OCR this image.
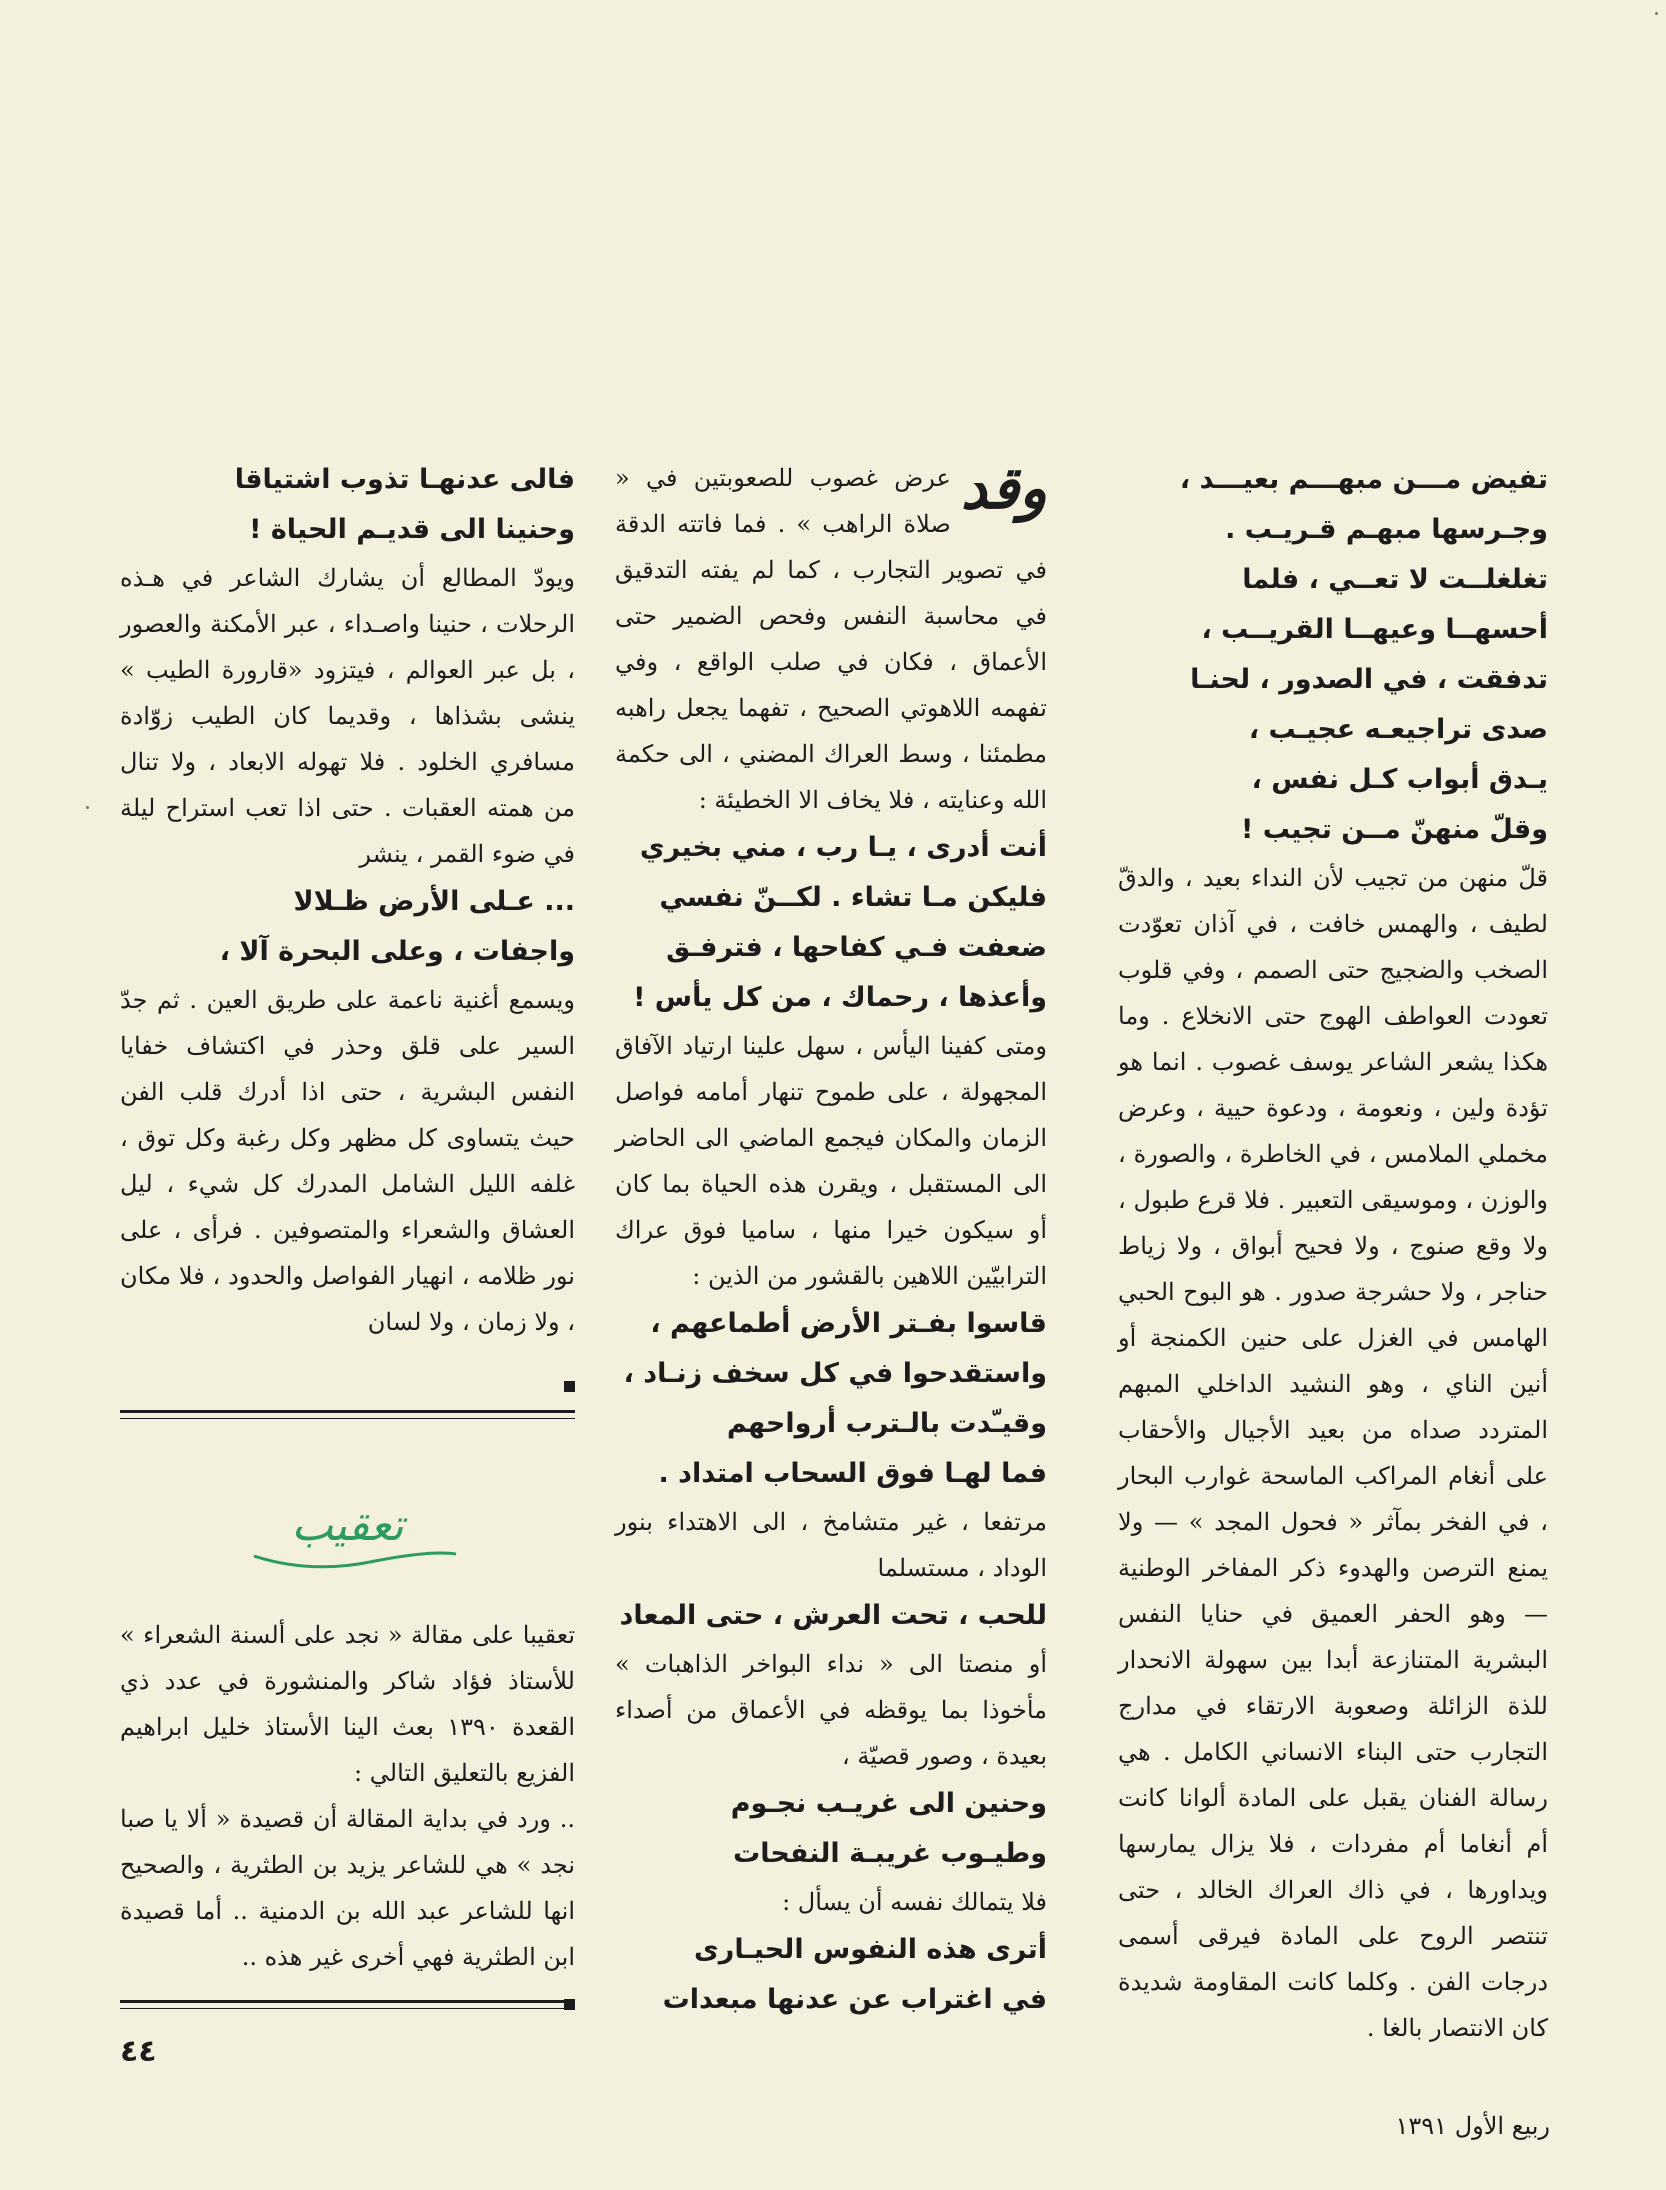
تفيض مـــن مبهـــم بعيـــد ،
وجـرسها مبهـم قـريـب .
تغلغلــت لا تعــي ، فلما
أحسهــا وعيهــا القريــب ،
تدفقت ، في الصدور ، لحنـا
صدى تراجيعـه عجيـب ،
يـدق أبواب كـل نفس ،
وقلّ منهنّ مــن تجيب !

قلّ منهن من تجيب لأن النداء بعيد ، والدقّ لطيف ، والهمس خافت ، في آذان تعوّدت الصخب والضجيج حتى الصمم ، وفي قلوب تعودت العواطف الهوج حتى الانخلاع . وما هكذا يشعر الشاعر يوسف غصوب . انما هو تؤدة ولين ، ونعومة ، ودعوة حيية ، وعرض مخملي الملامس ، في الخاطرة ، والصورة ، والوزن ، وموسيقى التعبير . فلا قرع طبول ، ولا وقع صنوج ، ولا فحيح أبواق ، ولا زياط حناجر ، ولا حشرجة صدور . هو البوح الحبي الهامس في الغزل على حنين الكمنجة أو أنين الناي ، وهو النشيد الداخلي المبهم المتردد صداه من بعيد الأجيال والأحقاب على أنغام المراكب الماسحة غوارب البحار ، في الفخر بمآثر « فحول المجد » — ولا يمنع الترصن والهدوء ذكر المفاخر الوطنية — وهو الحفر العميق في حنايا النفس البشرية المتنازعة أبدا بين سهولة الانحدار للذة الزائلة وصعوبة الارتقاء في مدارج التجارب حتى البناء الانساني الكامل . هي رسالة الفنان يقبل على المادة ألوانا كانت أم أنغاما أم مفردات ، فلا يزال يمارسها ويداورها ، في ذاك العراك الخالد ، حتى تنتصر الروح على المادة فيرقى أسمى درجات الفن . وكلما كانت المقاومة شديدة كان الانتصار بالغا .

وقد

عرض غصوب للصعوبتين في « صلاة الراهب » . فما فاتته الدقة في تصوير التجارب ، كما لم يفته التدقيق في محاسبة النفس وفحص الضمير حتى الأعماق ، فكان في صلب الواقع ، وفي تفهمه اللاهوتي الصحيح ، تفهما يجعل راهبه مطمئنا ، وسط العراك المضني ، الى حكمة الله وعنايته ، فلا يخاف الا الخطيئة :

أنت أدرى ، يـا رب ، مني بخيري
فليكن مـا تشاء . لكــنّ نفسي
ضعفت فـي كفاحها ، فترفـق
وأعذها ، رحماك ، من كل يأس !

ومتى كفينا اليأس ، سهل علينا ارتياد الآفاق المجهولة ، على طموح تنهار أمامه فواصل الزمان والمكان فيجمع الماضي الى الحاضر الى المستقبل ، ويقرن هذه الحياة بما كان أو سيكون خيرا منها ، ساميا فوق عراك الترابيّين اللاهين بالقشور من الذين :

قاسوا بفـتر الأرض أطماعهم ،
واستقدحوا في كل سخف زنـاد ،
وقيـّدت بالـترب أرواحهم
فما لهـا فوق السحاب امتداد .

مرتفعا ، غير متشامخ ، الى الاهتداء بنور الوداد ، مستسلما

للحب ، تحت العرش ، حتى المعاد

أو منصتا الى « نداء البواخر الذاهبات » مأخوذا بما يوقظه في الأعماق من أصداء بعيدة ، وصور قصيّة ،

وحنين الى غريـب نجـوم
وطيـوب غريبـة النفحات

فلا يتمالك نفسه أن يسأل :

أترى هذه النفوس الحيـارى
في اغتراب عن عدنها مبعدات
فالى عدنهـا تذوب اشتياقا
وحنينا الى قديـم الحياة !

ويودّ المطالع أن يشارك الشاعر في هـذه الرحلات ، حنينا واصـداء ، عبر الأمكنة والعصور ، بل عبر العوالم ، فيتزود «قارورة الطيب » ينشى بشذاها ، وقديما كان الطيب زوّادة مسافري الخلود . فلا تهوله الابعاد ، ولا تنال من همته العقبات . حتى اذا تعب استراح ليلة في ضوء القمر ، ينشر

... عـلى الأرض ظـلالا
واجفات ، وعلى البحرة آلا ،

ويسمع أغنية ناعمة على طريق العين . ثم جدّ السير على قلق وحذر في اكتشاف خفايا النفس البشرية ، حتى اذا أدرك قلب الفن حيث يتساوى كل مظهر وكل رغبة وكل توق ، غلفه الليل الشامل المدرك كل شيء ، ليل العشاق والشعراء والمتصوفين . فرأى ، على نور ظلامه ، انهيار الفواصل والحدود ، فلا مكان ، ولا زمان ، ولا لسان

تعقيب

تعقيبا على مقالة « نجد على ألسنة الشعراء » للأستاذ فؤاد شاكر والمنشورة في عدد ذي القعدة ١٣٩٠ بعث الينا الأستاذ خليل ابراهيم الفزيع بالتعليق التالي :

.. ورد في بداية المقالة أن قصيدة « ألا يا صبا نجد » هي للشاعر يزيد بن الطثرية ، والصحيح انها للشاعر عبد الله بن الدمنية .. أما قصيدة ابن الطثرية فهي أخرى غير هذه ..

٤٤
ربيع الأول ١٣٩١
